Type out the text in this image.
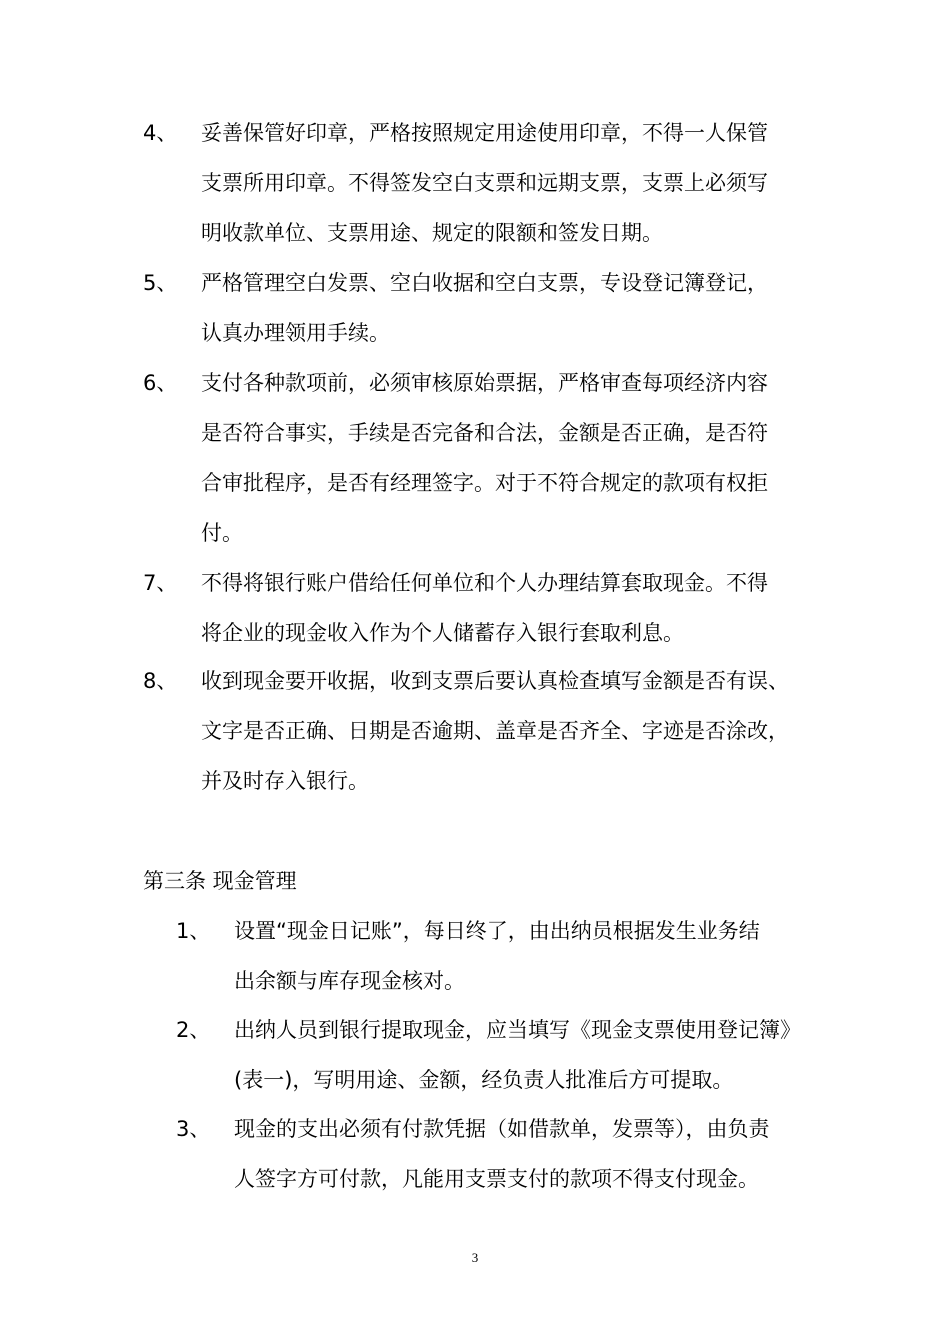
4、 妥善保管好印章，严格按照规定用途使用印章，不得一人保管
支票所用印章。不得签发空白支票和远期支票，支票上必须写
明收款单位、支票用途、规定的限额和签发日期。
5、 严格管理空白发票、空白收据和空白支票，专设登记簿登记，
认真办理领用手续。
6、 支付各种款项前，必须审核原始票据，严格审查每项经济内容
是否符合事实，手续是否完备和合法，金额是否正确，是否符
合审批程序，是否有经理签字。对于不符合规定的款项有权拒
付。
7、 不得将银行账户借给任何单位和个人办理结算套取现金。不得
将企业的现金收入作为个人储蓄存入银行套取利息。
8、 收到现金要开收据，收到支票后要认真检查填写金额是否有误、
文字是否正确、日期是否逾期、盖章是否齐全、字迹是否涂改，
并及时存入银行。
第三条 现金管理
1、 设置“现金日记账”，每日终了，由出纳员根据发生业务结
出余额与库存现金核对。
2、 出纳人员到银行提取现金，应当填写《现金支票使用登记簿》
(表一)，写明用途、金额，经负责人批准后方可提取。
3、 现金的支出必须有付款凭据（如借款单，发票等），由负责
人签字方可付款，凡能用支票支付的款项不得支付现金。
3
